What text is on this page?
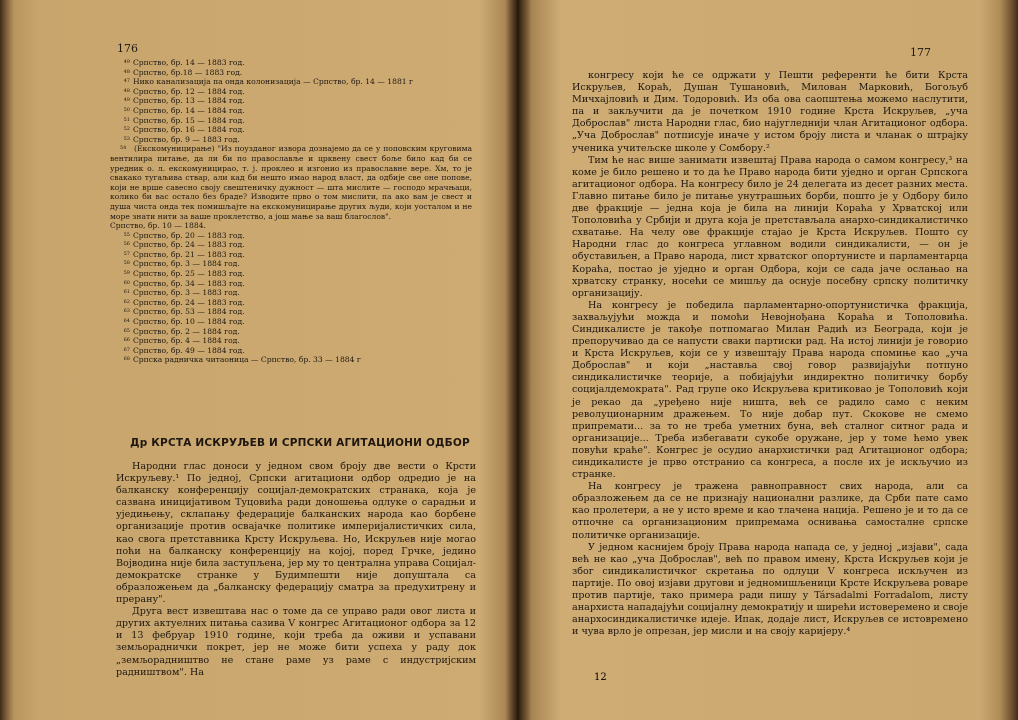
176
49 Српство, бр. 14 — 1883 год.
48 Српство, бр.18 — 1883 год.
47 Нико канализација па онда колонизација — Српство, бр. 14 — 1881 г
48 Српство, бр. 12 — 1884 год.
49 Српство, бр. 13 — 1884 год.
50 Српство, бр. 14 — 1884 год.
51 Српство, бр. 15 — 1884 год.
52 Српство, бр. 16 — 1884 год.
53 Српство, бр. 9 — 1883 год.

54 (Екскомуницирање) "Из поузданог извора дознајемо да се у поповским круговима вентилира питање, да ли би по православље и црквену свест боље било кад би се уредник о. л. екскомуницирао, т. ј. проклео и изгонио из православне вере. Хм, то је свакако тугаљива ствар, али кад би нешто имао народ власт, да одбије све оне попове, који не врше савесно своју свештеничку дужност — шта мислите — господо мрачњаци, колико би вас остало без браде? Изводите прво о том мислити, па ако вам је свест и душа чиста онда тек помишљајте на екскомуницирање других људи, који уосталом и не море знати нити за ваше проклетство, а још мање за ваш благослов".

Српство, бр. 10 — 1884.

55 Српство, бр. 20 — 1883 год.
56 Српство, бр. 24 — 1883 год.
57 Српство, бр. 21 — 1883 год.
58 Српство, бр. 3 — 1884 год.
59 Српство, бр. 25 — 1883 год.
60 Српство, бр. 34 — 1883 год.
61 Српство, бр. 3 — 1883 год.
62 Српство, бр. 24 — 1883 год.
63 Српство, бр. 53 — 1884 год.
64 Српство, бр. 10 — 1884 год.
65 Српство, бр. 2 — 1884 год.
66 Српство, бр. 4 — 1884 год.
67 Српство, бр. 49 — 1884 год.
68 Српска радничка читаоница — Српство, бр. 33 — 1884 г
Др КРСТА ИСКРУЉЕВ И СРПСКИ АГИТАЦИОНИ ОДБОР

Народни глас доноси у једном свом броју две вести о Крсти Искруљеву.¹ По једној, Српски агитациони одбор одредио је на балканску конференцију социјал-демократских странака, која је сазвана иницијативом Туцовића ради доношења одлуке о сарадњи и уједињењу, склапању федерације балканских народа као борбене организације против освајачке политике империјалистичких сила, као свога претставника Крсту Искруљева. Но, Искруљев није могао поћи на балканску конференцију на којој, поред Грчке, једино Војводина није била заступљена, јер му то централна управа Социјал-демократске странке у Будимпешти није допуштала са образложењем да „балканску федерацију сматра за предухитрену и прерану".

Друга вест извештава нас о томе да се управо ради овог листа и других актуелних питања сазива V конгрес Агитационог одбора за 12 и 13 фебруар 1910 године, који треба да оживи и успавани земљораднички покрет, јер не може бити успеха у раду док „земљорадништво не стане раме уз раме с индустријским радништвом". На

177

конгресу који ће се одржати у Пешти референти ће бити Крста Искруљев, Кораћ, Душан Тушановић, Милован Марковић, Богољуб Мичхајловић и Дим. Тодоровић. Из оба ова саопштења можемо наслутити, па и закључити да је почетком 1910 године Крста Искруљев, „уча Доброслав" листа Народни глас, био најугледнији члан Агитационог одбора. „Уча Доброслав" потписује иначе у истом броју листа и чланак о штрајку ученика учитељске школе у Сомбору.²

Тим ће нас више занимати извештај Права народа о самом конгресу,³ на коме је било решено и то да ће Право народа бити уједно и орган Српскога агитационог одбора. На конгресу било је 24 делегата из десет разних места. Главно питање било је питање унутрашњих борби, пошто је у Одбору било две фракције — једна која је била на линији Кораћа у Хрватској или Тополовића у Србији и друга која је претстављала анархо-синдикалистичко схватање. На челу ове фракције стајао је Крста Искруљев. Пошто су Народни глас до конгреса углавном водили синдикалисти, — он је обуставиљен, а Право народа, лист хрватског опортунисте и парламентарца Кораћа, постао је уједно и орган Одбора, који се сада јаче ослањао на хрватску странку, носећи се мишљу да оснује посебну српску политичку организацију.

На конгресу је победила парламентарно-опортунистичка фракција, захваљујући можда и помоћи Невојнођана Кораћа и Тополовића. Синдикалисте је такође потпомагао Милан Радић из Београда, који је препоручивао да се напусти сваки партиски рад. На истој линији је говорио и Крста Искруљев, који се у извештају Права народа спомиње као „уча Доброслав" и који „наставља свој говор развијајући потпуно синдикалистичке теорије, а побијајући индиректно политичку борбу социјалдемократа". Рад групе око Искруљева критиковао је Тополовић који је рекао да „уређено није ништа, већ се радило само с неким револуционарним дражењем. То није добар пут. Скоковe не смемо припремати... за то не треба уметних буна, већ сталног ситног рада и организације... Треба избегавати сукобе оружане, јер у томе ћемо увек повући краће". Конгрес је осудио анархистички рад Агитационог одбора; синдикалисте је прво отстранио са конгреса, а после их је искључио из странке.

На конгресу је тражена равноправност свих народа, али са образложењем да се не признају национални разлике, да Срби пате само као пролетери, а не у исто време и као тлачена нација. Решено је и то да се отпочне са организационим припремама оснивања самосталне српске политичке организације.

У једном каснијем броју Права народа напада се, у једној „изјави", сада већ не као „уча Доброслав", већ по правом имену, Крста Искруљев који је због синдикалистичког скретања по одлуци V конгреса искључен из партије. По овој изјави другови и једномишљеници Крсте Искруљева роваре против партије, тако примера ради пишу у Társadalmi Forradalom, листу анархиста нападајући социјалну демократију и ширећи истоверемено и своје анархосиндикалистичке идеје. Ипак, додаје лист, Искруљев се истовремено и чува врло је опрезан, јер мисли и на своју каријеру.⁴

12
